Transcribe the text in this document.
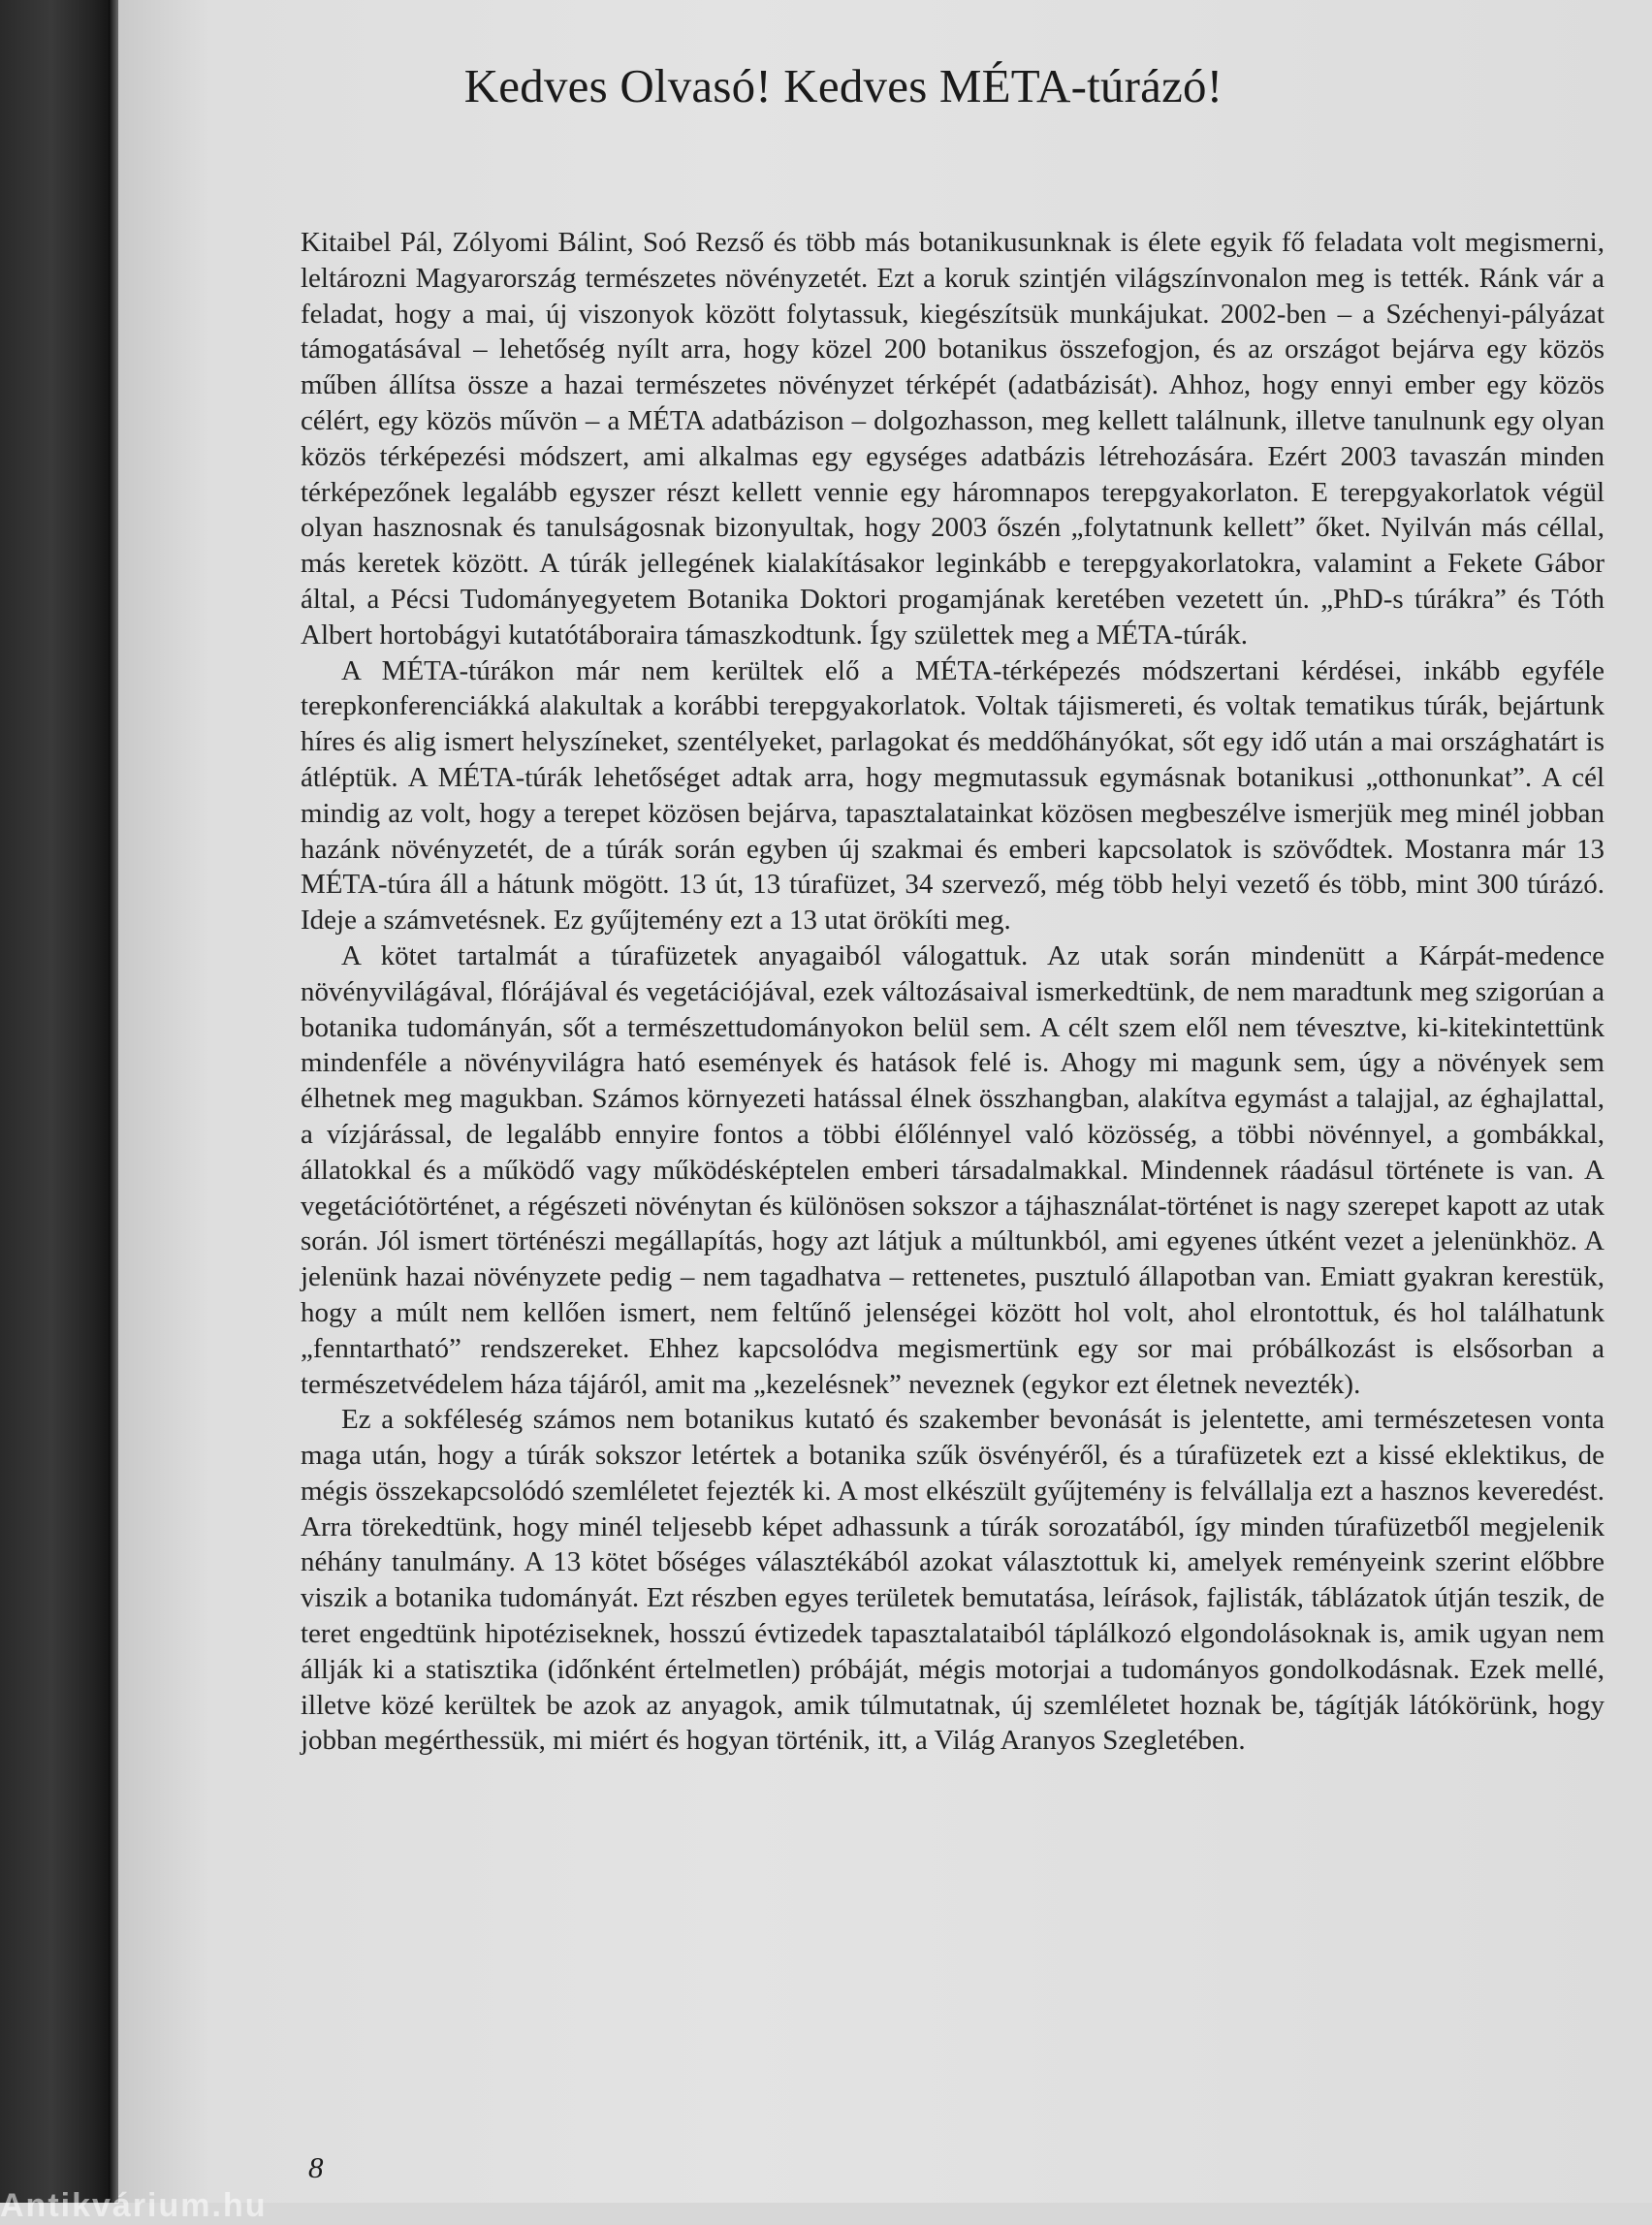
Kedves Olvasó! Kedves MÉTA-túrázó!

Kitaibel Pál, Zólyomi Bálint, Soó Rezső és több más botanikusunknak is élete egyik fő feladata volt megismerni, leltározni Magyarország természetes növényzetét. Ezt a koruk szintjén világszínvonalon meg is tették. Ránk vár a feladat, hogy a mai, új viszonyok között folytassuk, kiegészítsük munkájukat. 2002-ben – a Széchenyi-pályázat támogatásával – lehetőség nyílt arra, hogy közel 200 botanikus összefogjon, és az országot bejárva egy közös műben állítsa össze a hazai természetes növényzet térképét (adatbázisát). Ahhoz, hogy ennyi ember egy közös célért, egy közös művön – a MÉTA adatbázison – dolgozhasson, meg kellett találnunk, illetve tanulnunk egy olyan közös térképezési módszert, ami alkalmas egy egységes adatbázis létrehozására. Ezért 2003 tavaszán minden térképezőnek legalább egyszer részt kellett vennie egy háromnapos terepgyakorlaton. E terepgyakorlatok végül olyan hasznosnak és tanulságosnak bizonyultak, hogy 2003 őszén „folytatnunk kellett” őket. Nyilván más céllal, más keretek között. A túrák jellegének kialakításakor leginkább e terepgyakorlatokra, valamint a Fekete Gábor által, a Pécsi Tudományegyetem Botanika Doktori progamjának keretében vezetett ún. „PhD-s túrákra” és Tóth Albert hortobágyi kutatótáboraira támaszkodtunk. Így születtek meg a MÉTA-túrák.

A MÉTA-túrákon már nem kerültek elő a MÉTA-térképezés módszertani kérdései, inkább egyféle terepkonferenciákká alakultak a korábbi terepgyakorlatok. Voltak tájismereti, és voltak tematikus túrák, bejártunk híres és alig ismert helyszíneket, szentélyeket, parlagokat és meddőhányókat, sőt egy idő után a mai országhatárt is átléptük. A MÉTA-túrák lehetőséget adtak arra, hogy megmutassuk egymásnak botanikusi „otthonunkat”. A cél mindig az volt, hogy a terepet közösen bejárva, tapasztalatainkat közösen megbeszélve ismerjük meg minél jobban hazánk növényzetét, de a túrák során egyben új szakmai és emberi kapcsolatok is szövődtek. Mostanra már 13 MÉTA-túra áll a hátunk mögött. 13 út, 13 túrafüzet, 34 szervező, még több helyi vezető és több, mint 300 túrázó. Ideje a számvetésnek. Ez gyűjtemény ezt a 13 utat örökíti meg.

A kötet tartalmát a túrafüzetek anyagaiból válogattuk. Az utak során mindenütt a Kárpát-medence növényvilágával, flórájával és vegetációjával, ezek változásaival ismerkedtünk, de nem maradtunk meg szigorúan a botanika tudományán, sőt a természettudományokon belül sem. A célt szem elől nem tévesztve, ki-kitekintettünk mindenféle a növényvilágra ható események és hatások felé is. Ahogy mi magunk sem, úgy a növények sem élhetnek meg magukban. Számos környezeti hatással élnek összhangban, alakítva egymást a talajjal, az éghajlattal, a vízjárással, de legalább ennyire fontos a többi élőlénnyel való közösség, a többi növénnyel, a gombákkal, állatokkal és a működő vagy működésképtelen emberi társadalmakkal. Mindennek ráadásul története is van. A vegetációtörténet, a régészeti növénytan és különösen sokszor a tájhasználat-történet is nagy szerepet kapott az utak során. Jól ismert történészi megállapítás, hogy azt látjuk a múltunkból, ami egyenes útként vezet a jelenünkhöz. A jelenünk hazai növényzete pedig – nem tagadhatva – rettenetes, pusztuló állapotban van. Emiatt gyakran kerestük, hogy a múlt nem kellően ismert, nem feltűnő jelenségei között hol volt, ahol elrontottuk, és hol találhatunk „fenntartható” rendszereket. Ehhez kapcsolódva megismertünk egy sor mai próbálkozást is elsősorban a természetvédelem háza tájáról, amit ma „kezelésnek” neveznek (egykor ezt életnek nevezték).

Ez a sokféleség számos nem botanikus kutató és szakember bevonását is jelentette, ami természetesen vonta maga után, hogy a túrák sokszor letértek a botanika szűk ösvényéről, és a túrafüzetek ezt a kissé eklektikus, de mégis összekapcsolódó szemléletet fejezték ki. A most elkészült gyűjtemény is felvállalja ezt a hasznos keveredést. Arra törekedtünk, hogy minél teljesebb képet adhassunk a túrák sorozatából, így minden túrafüzetből megjelenik néhány tanulmány. A 13 kötet bőséges választékából azokat választottuk ki, amelyek reményeink szerint előbbre viszik a botanika tudományát. Ezt részben egyes területek bemutatása, leírások, fajlisták, táblázatok útján teszik, de teret engedtünk hipotéziseknek, hosszú évtizedek tapasztalataiból táplálkozó elgondolásoknak is, amik ugyan nem állják ki a statisztika (időnként értelmetlen) próbáját, mégis motorjai a tudományos gondolkodásnak. Ezek mellé, illetve közé kerültek be azok az anyagok, amik túlmutatnak, új szemléletet hoznak be, tágítják látókörünk, hogy jobban megérthessük, mi miért és hogyan történik, itt, a Világ Aranyos Szegletében.

8
Antikvárium.hu
